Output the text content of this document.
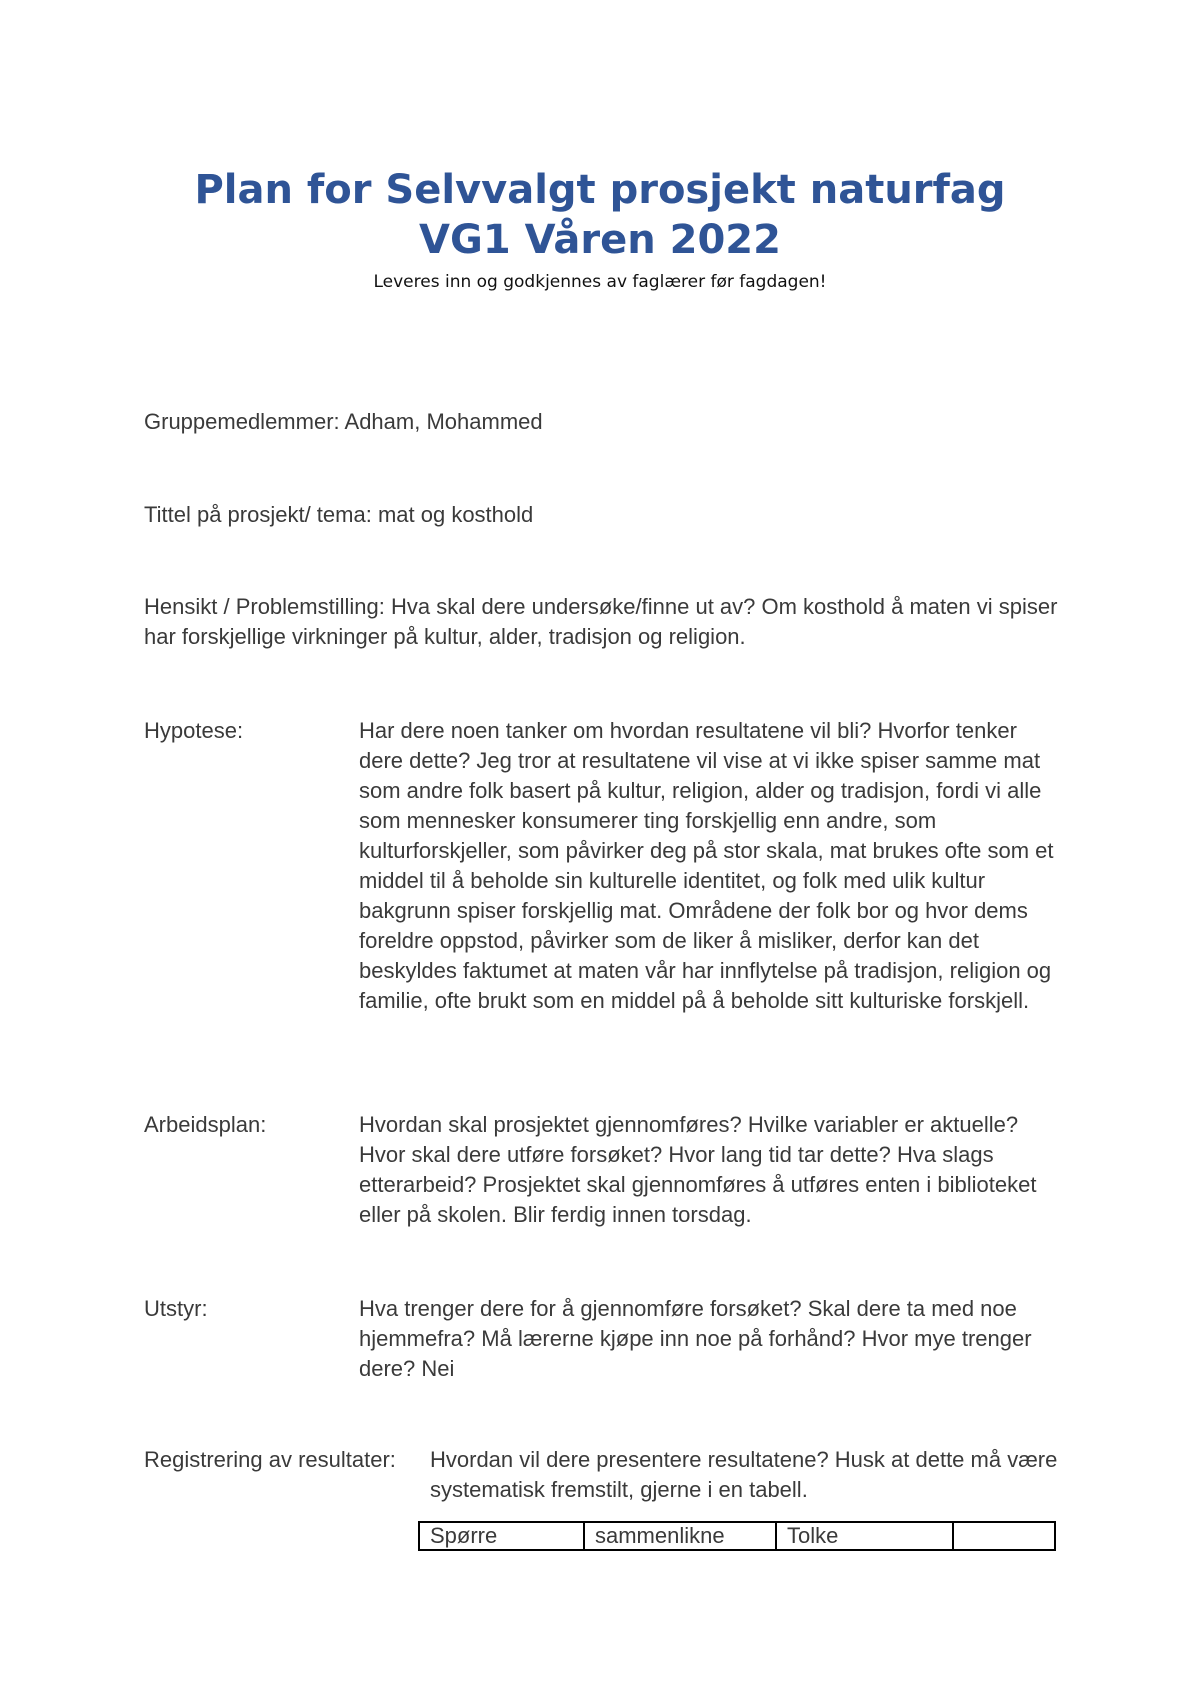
Plan for Selvvalgt prosjekt naturfag
VG1 Våren 2022
Leveres inn og godkjennes av faglærer før fagdagen!
Gruppemedlemmer: Adham, Mohammed
Tittel på prosjekt/ tema: mat og kosthold
Hensikt / Problemstilling: Hva skal dere undersøke/finne ut av? Om kosthold å maten vi spiser har forskjellige virkninger på kultur, alder, tradisjon og religion.
Hypotese:	Har dere noen tanker om hvordan resultatene vil bli? Hvorfor tenker dere dette? Jeg tror at resultatene vil vise at vi ikke spiser samme mat som andre folk basert på kultur, religion, alder og tradisjon, fordi vi alle som mennesker konsumerer ting forskjellig enn andre, som kulturforskjeller, som påvirker deg på stor skala, mat brukes ofte som et middel til å beholde sin kulturelle identitet, og folk med ulik kultur bakgrunn spiser forskjellig mat. Områdene der folk bor og hvor dems foreldre oppstod, påvirker som de liker å misliker, derfor kan det beskyldes faktumet at maten vår har innflytelse på tradisjon, religion og familie, ofte brukt som en middel på å beholde sitt kulturiske forskjell.
Arbeidsplan:	Hvordan skal prosjektet gjennomføres? Hvilke variabler er aktuelle? Hvor skal dere utføre forsøket? Hvor lang tid tar dette? Hva slags etterarbeid? Prosjektet skal gjennomføres å utføres enten i biblioteket eller på skolen. Blir ferdig innen torsdag.
Utstyr:	Hva trenger dere for å gjennomføre forsøket? Skal dere ta med noe hjemmefra? Må lærerne kjøpe inn noe på forhånd? Hvor mye trenger dere? Nei
Registrering av resultater: Hvordan vil dere presentere resultatene? Husk at dette må være systematisk fremstilt, gjerne i en tabell.
Spørre	sammenlikne	Tolke	
